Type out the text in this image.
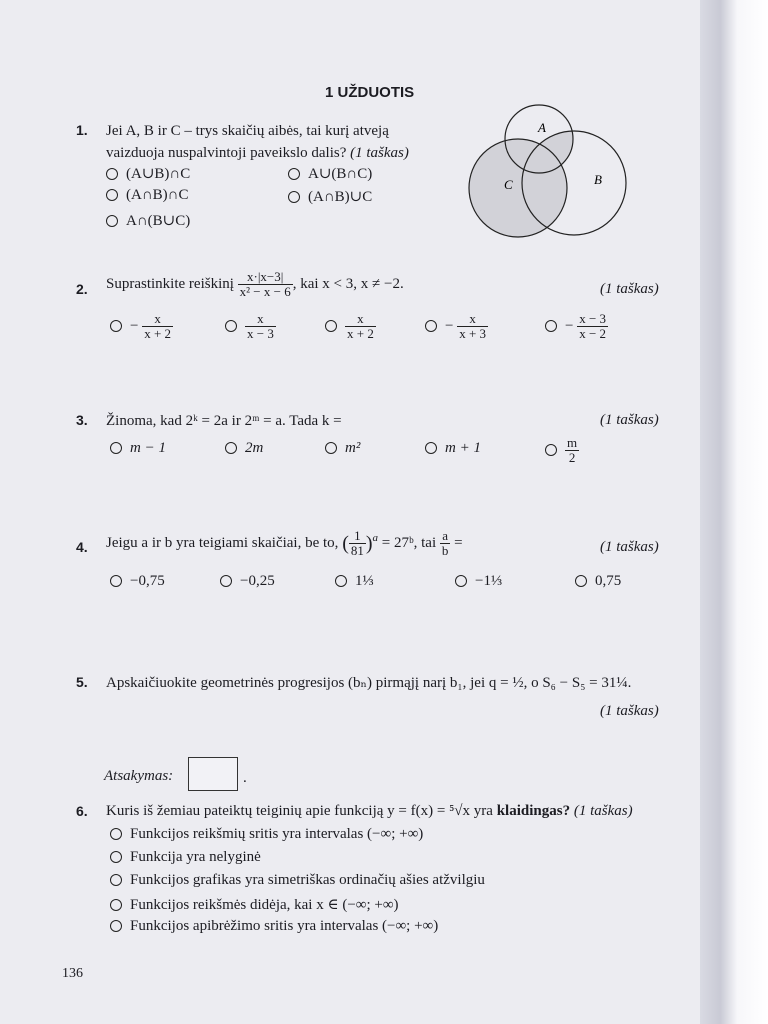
1 UŽDUOTIS
A
B
C
1. Jei A, B ir C – trys skaičių aibės, tai kurį atveją
vaizduoja nuspalvintoji paveikslo dalis? (1 taškas)
(A∪B)∩C	A∪(B∩C)
(A∩B)∩C	(A∩B)∪C
A∩(B∪C)
2. Suprastinkite reiškinį $\frac{x\cdot|x-3|}{\text{x² − x − 6}}$ , kai x < 3, x ≠ −2.	(1 taškas)
− $\frac{x}{x + 2}$	$\frac{x}{x - 3}$	$\frac{x}{x + 2}$	− $\frac{x}{x + 3}$	− $\frac{x - 3}{x - 2}$
3. Žinoma, kad 2ᵏ = 2a ir 2ᵐ = a. Tada k =	(1 taškas)
m − 1	2m	m²	m + 1	$\frac{m}{2}$
4. Jeigu a ir b yra teigiami skaičiai, be to, ( $\frac{1}{81} )^a$ = 27ᵇ, tai $\frac{a}{b}$ =	(1 taškas)
−0,75	−0,25	1⅓	−1⅓	0,75
5. Apskaičiuokite geometrinės progresijos (bₙ) pirmąjį narį b₁, jei q = ½, o S₆ − S₅ = 31¼.
(1 taškas)
Atsakymas:	.
6. Kuris iš žemiau pateiktų teiginių apie funkciją y = f(x) = ⁵√x yra klaidingas? (1 taškas)
Funkcijos reikšmių sritis yra intervalas (−∞; +∞)
Funkcija yra nelyginė
Funkcijos grafikas yra simetriškas ordinačių ašies atžvilgiu
Funkcijos reikšmės didėja, kai x ∈ (−∞; +∞)
Funkcijos apibrėžimo sritis yra intervalas (−∞; +∞)
136
